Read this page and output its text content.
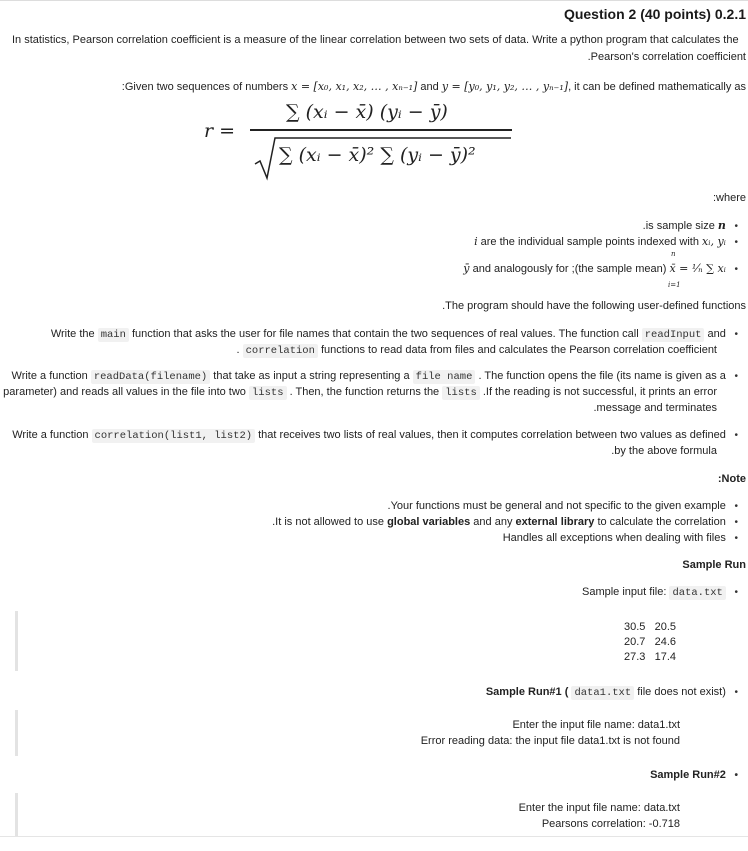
Question 2 (40 points) 0.2.1
In statistics, Pearson correlation coefficient is a measure of the linear correlation between two sets of data. Write a python program that calculates the
.Pearson's correlation coefficient
:Given two sequences of numbers x = [x₀, x₁, x₂, … , xₙ₋₁] and y = [y₀, y₁, y₂, … , yₙ₋₁], it can be defined mathematically as
r =
∑ (xᵢ − x̄) (yᵢ − ȳ)
∑ (xᵢ − x̄)² ∑ (yᵢ − ȳ)²
:where
.is sample size n   •
i are the individual sample points indexed with xᵢ, yᵢ   •
ȳ and analogously for ;(the sample mean) x̄ = ¹⁄ₙ ∑ xᵢ   •
n
i=1
.The program should have the following user-defined functions
Write the main function that asks the user for file names that contain the two sequences of real values. The function call readInput and   •
. correlation functions to read data from files and calculates the Pearson correlation coefficient
Write a function readData(filename) that take as input a string representing a file name . The function opens the file (its name is given as a   •
parameter) and reads all values in the file into two lists . Then, the function returns the lists .If the reading is not successful, it prints an error
.message and terminates
Write a function correlation(list1, list2) that receives two lists of real values, then it computes correlation between two values as defined   •
.by the above formula
:Note
.Your functions must be general and not specific to the given example   •
.It is not allowed to use global variables and any external library to calculate the correlation   •
Handles all exceptions when dealing with files   •
Sample Run
Sample input file: data.txt   •
30.5 20.5
20.7 24.6
27.3 17.4
Sample Run#1 ( data1.txt file does not exist)   •
Enter the input file name: data1.txt
Error reading data: the input file data1.txt is not found
Sample Run#2   •
Enter the input file name: data.txt
Pearsons correlation: -0.718
